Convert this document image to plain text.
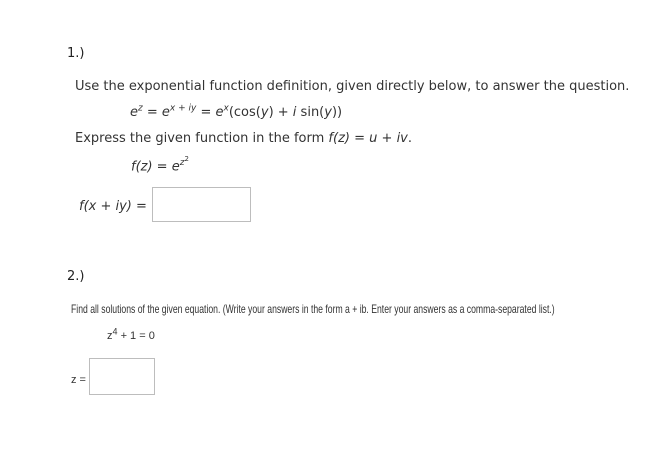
1.)
Use the exponential function definition, given directly below, to answer the question.
$e^z = e^{x + iy} = e^x(\cos(y) + i$ sin(y))
Express the given function in the form f(z) = u + iv.
$f(z) = e^{z^2}$
f(x + iy) =
2.)
Find all solutions of the given equation. (Write your answers in the form a + ib. Enter your answers as a comma-separated list.)
$z^4 + 1 = 0$
z =
